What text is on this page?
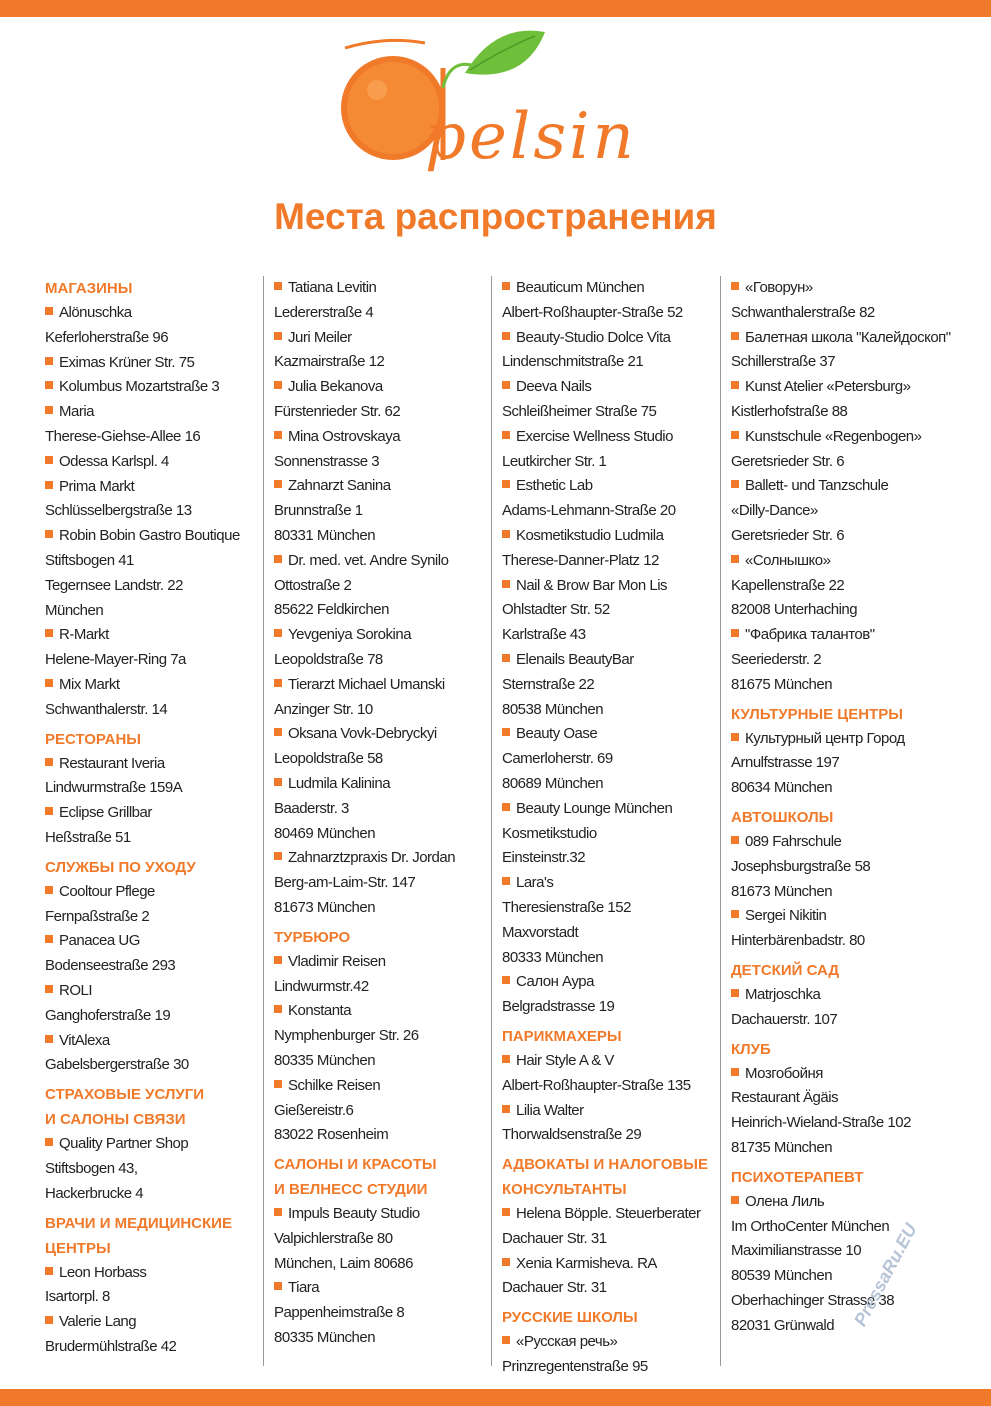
pelsin
Места распространения
МАГАЗИНЫ
Alönuschka
Keferloherstraße 96
Eximas Krüner Str. 75
Kolumbus Mozartstraße 3
Maria
Therese-Giehse-Allee 16
Odessa Karlspl. 4
Prima Markt
Schlüsselbergstraße 13
Robin Bobin Gastro Boutique
Stiftsbogen 41
Tegernsee Landstr. 22
München
R-Markt
Helene-Mayer-Ring 7a
Mix Markt
Schwanthalerstr. 14
РЕСТОРАНЫ
Restaurant Iveria
Lindwurmstraße 159A
Eclipse Grillbar
Heßstraße 51
СЛУЖБЫ ПО УХОДУ
Cooltour Pflege
Fernpaßstraße 2
Panacea UG
Bodenseestraße 293
ROLI
Ganghoferstraße 19
VitAlexa
Gabelsbergerstraße 30
СТРАХОВЫЕ УСЛУГИ
И САЛОНЫ СВЯЗИ
Quality Partner Shop
Stiftsbogen 43,
Hackerbrucke 4
ВРАЧИ И МЕДИЦИНСКИЕ
ЦЕНТРЫ
Leon Horbass
Isartorpl. 8
Valerie Lang
Brudermühlstraße 42
Tatiana Levitin
Ledererstraße 4
Juri Meiler
Kazmairstraße 12
Julia Bekanova
Fürstenrieder Str. 62
Mina Ostrovskaya
Sonnenstrasse 3
Zahnarzt Sanina
Brunnstraße 1
80331 München
Dr. med. vet. Andre Synilo
Ottostraße 2
85622 Feldkirchen
Yevgeniya Sorokina
Leopoldstraße 78
Tierarzt Michael Umanski
Anzinger Str. 10
Oksana Vovk-Debryckyi
Leopoldstraße 58
Ludmila Kalinina
Baaderstr. 3
80469 München
Zahnarztzpraxis Dr. Jordan
Berg-am-Laim-Str. 147
81673 München
ТУРБЮРО
Vladimir Reisen
Lindwurmstr.42
Konstanta
Nymphenburger Str. 26
80335 München
Schilke Reisen
Gießereistr.6
83022 Rosenheim
САЛОНЫ И КРАСОТЫ
И ВЕЛНЕСС СТУДИИ
Impuls Beauty Studio
Valpichlerstraße 80
München, Laim 80686
Tiara
Pappenheimstraße 8
80335 München
Beauticum München
Albert-Roßhaupter-Straße 52
Beauty-Studio Dolce Vita
Lindenschmitstraße 21
Deeva Nails
Schleißheimer Straße 75
Exercise Wellness Studio
Leutkircher Str. 1
Esthetic Lab
Adams-Lehmann-Straße 20
Kosmetikstudio Ludmila
Therese-Danner-Platz 12
Nail & Brow Bar Mon Lis
Ohlstadter Str. 52
Karlstraße 43
Elenails BeautyBar
Sternstraße 22
80538 München
Beauty Oase
Camerloherstr. 69
80689 München
Beauty Lounge München
Kosmetikstudio
Einsteinstr.32
Lara's
Theresienstraße 152
Maxvorstadt
80333 München
Салон Аура
Belgradstrasse 19
ПАРИКМАХЕРЫ
Hair Style A & V
Albert-Roßhaupter-Straße 135
Lilia Walter
Thorwaldsenstraße 29
АДВОКАТЫ И НАЛОГОВЫЕ
КОНСУЛЬТАНТЫ
Helena Böpple. Steuerberater
Dachauer Str. 31
Xenia Karmisheva. RA
Dachauer Str. 31
РУССКИЕ ШКОЛЫ
«Русская речь»
Prinzregentenstraße 95
«Говорун»
Schwanthalerstraße 82
Балетная школа "Калейдоскоп"
Schillerstraße 37
Kunst Atelier «Petersburg»
Kistlerhofstraße 88
Kunstschule «Regenbogen»
Geretsrieder Str. 6
Ballett- und Tanzschule
«Dilly-Dance»
Geretsrieder Str. 6
«Солнышко»
Kapellenstraße 22
82008 Unterhaching
"Фабрика талантов"
Seeriederstr. 2
81675 München
КУЛЬТУРНЫЕ ЦЕНТРЫ
Культурный центр Город
Arnulfstrasse 197
80634 München
АВТОШКОЛЫ
089 Fahrschule
Josephsburgstraße 58
81673 München
Sergei Nikitin
Hinterbärenbadstr. 80
ДЕТСКИЙ САД
Matrjoschka
Dachauerstr. 107
КЛУБ
Мозгобойня
Restaurant Ägäis
Heinrich-Wieland-Straße 102
81735 München
ПСИХОТЕРАПЕВТ
Олена Лиль
Im OrthoCenter München
Maximilianstrasse 10
80539 München
Oberhachinger Strasse 38
82031 Grünwald PressaRu.EU
